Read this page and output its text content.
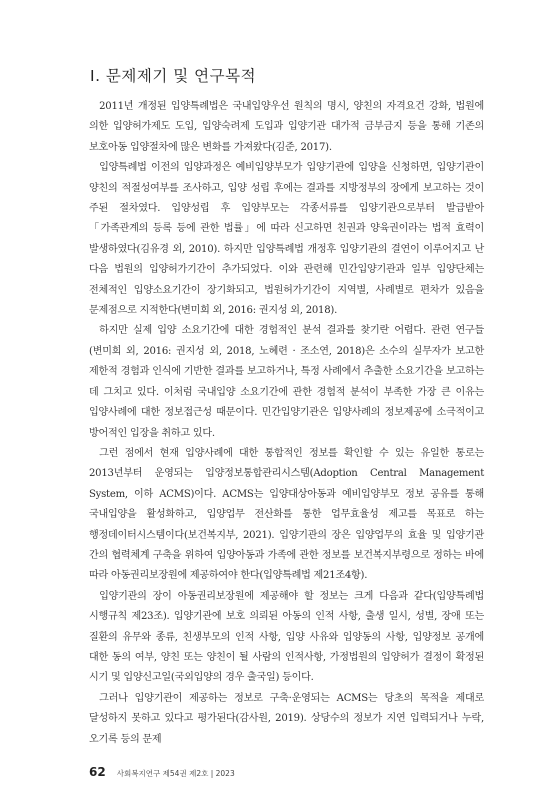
Ⅰ. 문제제기 및 연구목적

2011년 개정된 입양특례법은 국내입양우선 원칙의 명시, 양친의 자격요건 강화, 법원에 의한 입양허가제도 도입, 입양숙려제 도입과 입양기관 대가적 금부금지 등을 통해 기존의 보호아동 입양절차에 많은 변화를 가져왔다(김준, 2017).

입양특례법 이전의 입양과정은 예비입양부모가 입양기관에 입양을 신청하면, 입양기관이 양친의 적절성여부를 조사하고, 입양 성립 후에는 결과를 지방정부의 장에게 보고하는 것이 주된 절차였다. 입양성립 후 입양부모는 각종서류를 입양기관으로부터 발급받아 「가족관계의 등록 등에 관한 법률」에 따라 신고하면 친권과 양육권이라는 법적 효력이 발생하였다(김유경 외, 2010). 하지만 입양특례법 개정후 입양기관의 결연이 이루어지고 난 다음 법원의 입양허가기간이 추가되었다. 이와 관련해 민간입양기관과 일부 입양단체는 전체적인 입양소요기간이 장기화되고, 법원허가기간이 지역별, 사례별로 편차가 있음을 문제점으로 지적한다(변미희 외, 2016: 권지성 외, 2018).

하지만 실제 입양 소요기간에 대한 경험적인 분석 결과를 찾기란 어렵다. 관련 연구들(변미희 외, 2016: 권지성 외, 2018, 노혜련 · 조소연, 2018)은 소수의 실무자가 보고한 제한적 경험과 인식에 기반한 결과를 보고하거나, 특정 사례에서 추출한 소요기간을 보고하는 데 그치고 있다. 이처럼 국내입양 소요기간에 관한 경험적 분석이 부족한 가장 큰 이유는 입양사례에 대한 정보접근성 때문이다. 민간입양기관은 입양사례의 정보제공에 소극적이고 방어적인 입장을 취하고 있다.

그런 점에서 현재 입양사례에 대한 통합적인 정보를 확인할 수 있는 유일한 통로는 2013년부터 운영되는 입양정보통합관리시스템(Adoption Central Management System, 이하 ACMS)이다. ACMS는 입양대상아동과 예비입양부모 정보 공유를 통해 국내입양을 활성화하고, 입양업무 전산화를 통한 업무효율성 제고를 목표로 하는 행정데이터시스템이다(보건복지부, 2021). 입양기관의 장은 입양업무의 효율 및 입양기관 간의 협력체계 구축을 위하여 입양아동과 가족에 관한 정보를 보건복지부령으로 정하는 바에 따라 아동권리보장원에 제공하여야 한다(입양특례법 제21조4항).

입양기관의 장이 아동권리보장원에 제공해야 할 정보는 크게 다음과 같다(입양특례법 시행규칙 제23조). 입양기관에 보호 의뢰된 아동의 인적 사항, 출생 일시, 성별, 장애 또는 질환의 유무와 종류, 친생부모의 인적 사항, 입양 사유와 입양동의 사항, 입양정보 공개에 대한 동의 여부, 양친 또는 양친이 될 사람의 인적사항, 가정법원의 입양허가 결정이 확정된 시기 및 입양신고일(국외입양의 경우 출국일) 등이다.

그러나 입양기관이 제공하는 정보로 구축·운영되는 ACMS는 당초의 목적을 제대로 달성하지 못하고 있다고 평가된다(감사원, 2019). 상당수의 정보가 지연 입력되거나 누락, 오기록 등의 문제

62 사회복지연구 제54권 제2호 | 2023
